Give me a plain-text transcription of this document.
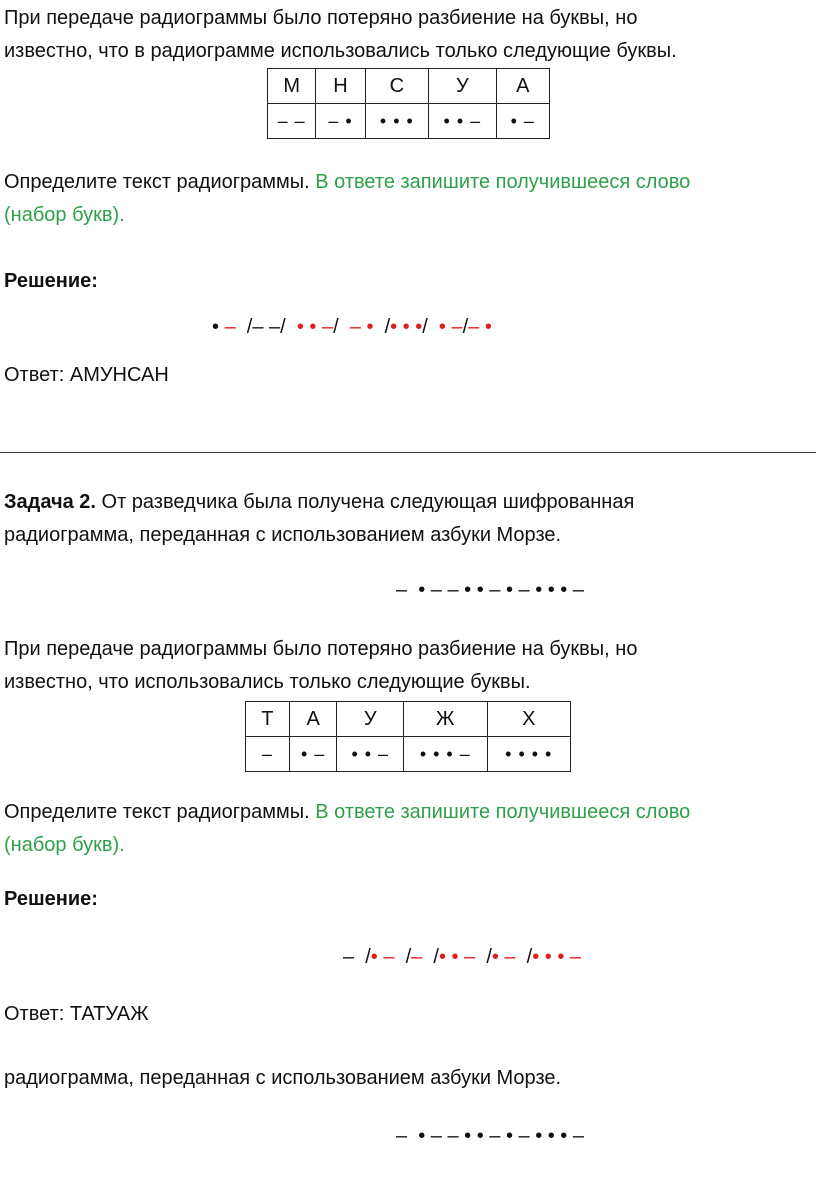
При передаче радиограммы было потеряно разбиение на буквы, но
известно, что в радиограмме использовались только следующие буквы.

М	Н	С	У	А
– –	– •	• • •	• • –	• –

Определите текст радиограммы. В ответе запишите получившееся слово
(набор букв).

Решение:
• –  /– –/  • • –/  – •  /• • •/  • –/– •
Ответ: АМУНСАН

Задача 2. От разведчика была получена следующая шифрованная
радиограмма, переданная с использованием азбуки Морзе.

–  • – – • • – • – • • • –

При передаче радиограммы было потеряно разбиение на буквы, но
известно, что использовались только следующие буквы.

Т	А	У	Ж	Х
–	• –	• • –	• • • –	• • • •

Определите текст радиограммы. В ответе запишите получившееся слово
(набор букв).

Решение:
–  /• –  /–  /• • –  /• –  /• • • –
Ответ: ТАТУАЖ
радиограмма, переданная с использованием азбуки Морзе.
–  • – – • • – • – • • • –
